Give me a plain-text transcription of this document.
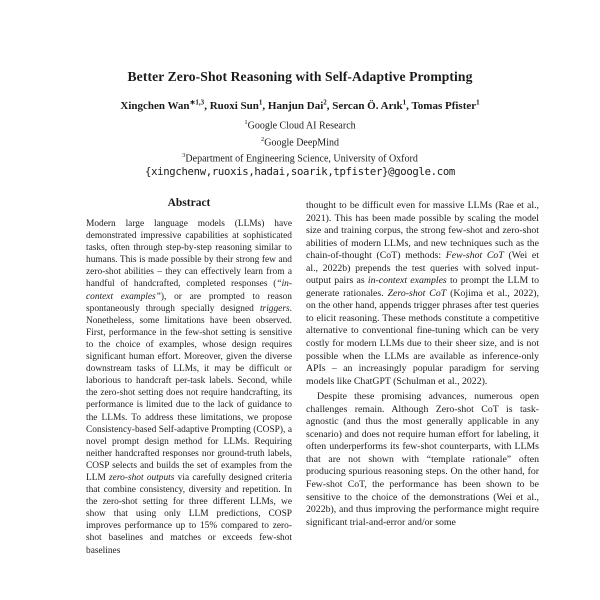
Better Zero-Shot Reasoning with Self-Adaptive Prompting
Xingchen Wan$^{∗1,3}$, Ruoxi Sun$^1$, Hanjun Dai$^2$, Sercan Ö. Arık$^1$, Tomas Pfister$^1$
$^1$Google Cloud AI Research
$^2$Google DeepMind
$^3$Department of Engineering Science, University of Oxford
{xingchenw,ruoxis,hadai,soarik,tpfister}@google.com
Abstract
Modern large language models (LLMs) have demonstrated impressive capabilities at sophisticated tasks, often through step-by-step reasoning similar to humans. This is made possible by their strong few and zero-shot abilities – they can effectively learn from a handful of handcrafted, completed responses (“in-context examples”), or are prompted to reason spontaneously through specially designed triggers. Nonetheless, some limitations have been observed. First, performance in the few-shot setting is sensitive to the choice of examples, whose design requires significant human effort. Moreover, given the diverse downstream tasks of LLMs, it may be difficult or laborious to handcraft per-task labels. Second, while the zero-shot setting does not require handcrafting, its performance is limited due to the lack of guidance to the LLMs. To address these limitations, we propose Consistency-based Self-adaptive Prompting (COSP), a novel prompt design method for LLMs. Requiring neither handcrafted responses nor ground-truth labels, COSP selects and builds the set of examples from the LLM zero-shot outputs via carefully designed criteria that combine consistency, diversity and repetition. In the zero-shot setting for three different LLMs, we show that using only LLM predictions, COSP improves performance up to 15% compared to zero-shot baselines and matches or exceeds few-shot baselines

thought to be difficult even for massive LLMs (Rae et al., 2021). This has been made possible by scaling the model size and training corpus, the strong few-shot and zero-shot abilities of modern LLMs, and new techniques such as the chain-of-thought (CoT) methods: Few-shot CoT (Wei et al., 2022b) prepends the test queries with solved input-output pairs as in-context examples to prompt the LLM to generate rationales. Zero-shot CoT (Kojima et al., 2022), on the other hand, appends trigger phrases after test queries to elicit reasoning. These methods constitute a competitive alternative to conventional fine-tuning which can be very costly for modern LLMs due to their sheer size, and is not possible when the LLMs are available as inference-only APIs – an increasingly popular paradigm for serving models like ChatGPT (Schulman et al., 2022).

Despite these promising advances, numerous open challenges remain. Although Zero-shot CoT is task-agnostic (and thus the most generally applicable in any scenario) and does not require human effort for labeling, it often underperforms its few-shot counterparts, with LLMs that are not shown with “template rationale” often producing spurious reasoning steps. On the other hand, for Few-shot CoT, the performance has been shown to be sensitive to the choice of the demonstrations (Wei et al., 2022b), and thus improving the performance might require significant trial-and-error and/or some
